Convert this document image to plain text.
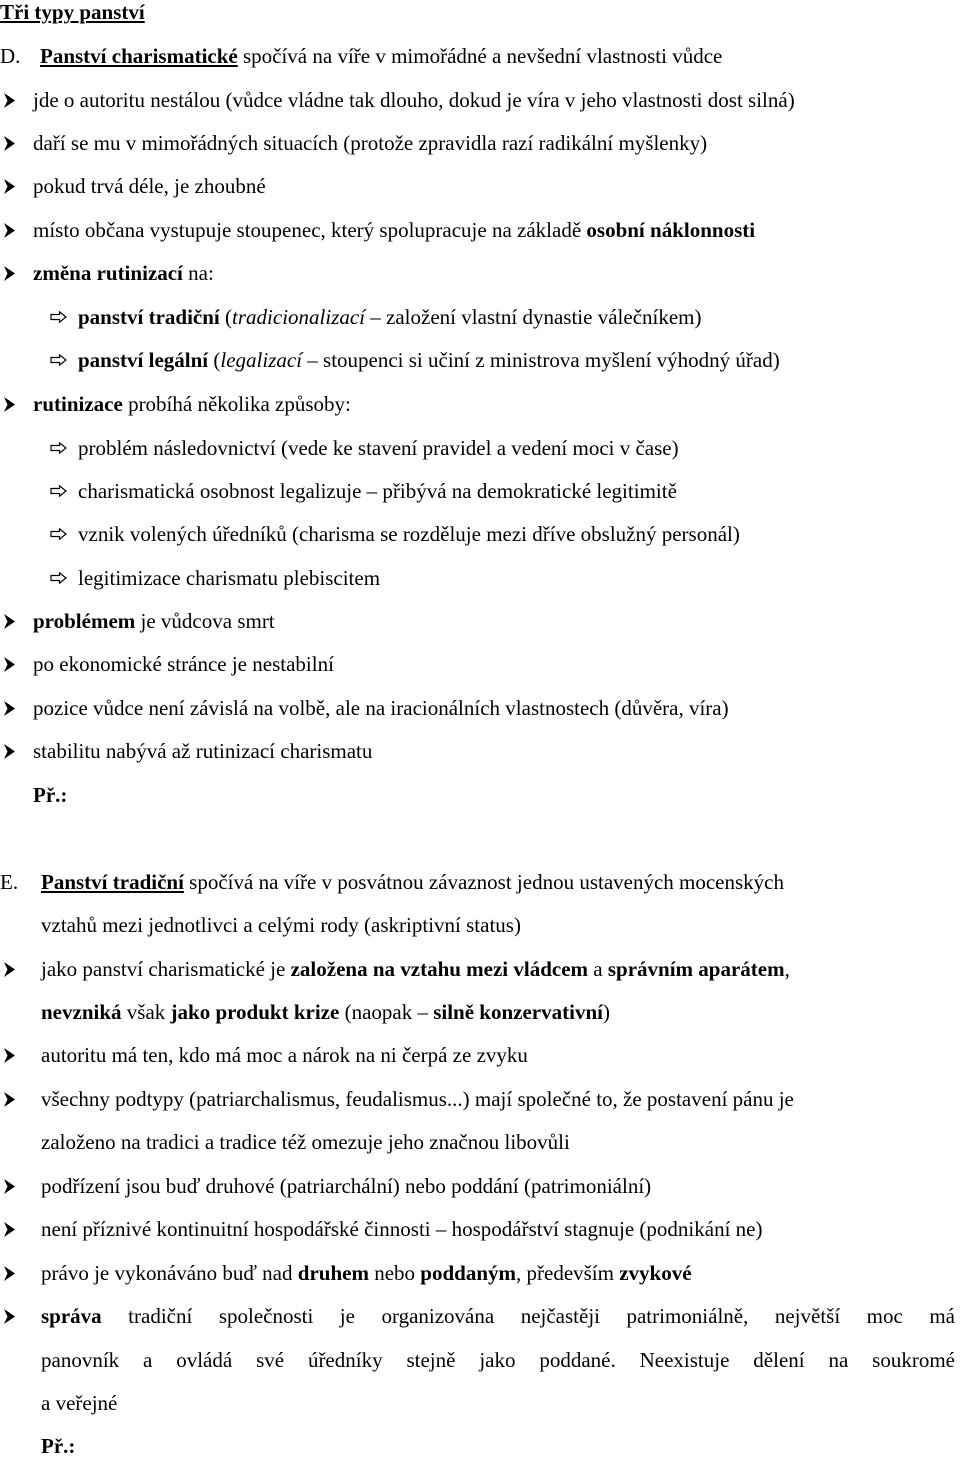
Tři typy panství
D. Panství charismatické spočívá na víře v mimořádné a nevšední vlastnosti vůdce
jde o autoritu nestálou (vůdce vládne tak dlouho, dokud je víra v jeho vlastnosti dost silná)
daří se mu v mimořádných situacích (protože zpravidla razí radikální myšlenky)
pokud trvá déle, je zhoubné
místo občana vystupuje stoupenec, který spolupracuje na základě osobní náklonnosti
změna rutinizací na:
panství tradiční (tradicionalizací – založení vlastní dynastie válečníkem)
panství legální (legalizací – stoupenci si učiní z ministrova myšlení výhodný úřad)
rutinizace probíhá několika způsoby:
problém následovnictví (vede ke stavení pravidel a vedení moci v čase)
charismatická osobnost legalizuje – přibývá na demokratické legitimitě
vznik volených úředníků (charisma se rozděluje mezi dříve obslužný personál)
legitimizace charismatu plebiscitem
problémem je vůdcova smrt
po ekonomické stránce je nestabilní
pozice vůdce není závislá na volbě, ale na iracionálních vlastnostech (důvěra, víra)
stabilitu nabývá až rutinizací charismatu
Př.:
E. Panství tradiční spočívá na víře v posvátnou závaznost jednou ustavených mocenských
vztahů mezi jednotlivci a celými rody (askriptivní status)
jako panství charismatické je založena na vztahu mezi vládcem a správním aparátem,
nevzniká však jako produkt krize (naopak – silně konzervativní)
autoritu má ten, kdo má moc a nárok na ni čerpá ze zvyku
všechny podtypy (patriarchalismus, feudalismus...) mají společné to, že postavení pánu je
založeno na tradici a tradice též omezuje jeho značnou libovůli
podřízení jsou buď druhové (patriarchální) nebo poddání (patrimoniální)
není příznivé kontinuitní hospodářské činnosti – hospodářství stagnuje (podnikání ne)
právo je vykonáváno buď nad druhem nebo poddaným, především zvykové
správa tradiční společnosti je organizována nejčastěji patrimoniálně, největší moc má
panovník a ovládá své úředníky stejně jako poddané. Neexistuje dělení na soukromé
a veřejné
Př.:
